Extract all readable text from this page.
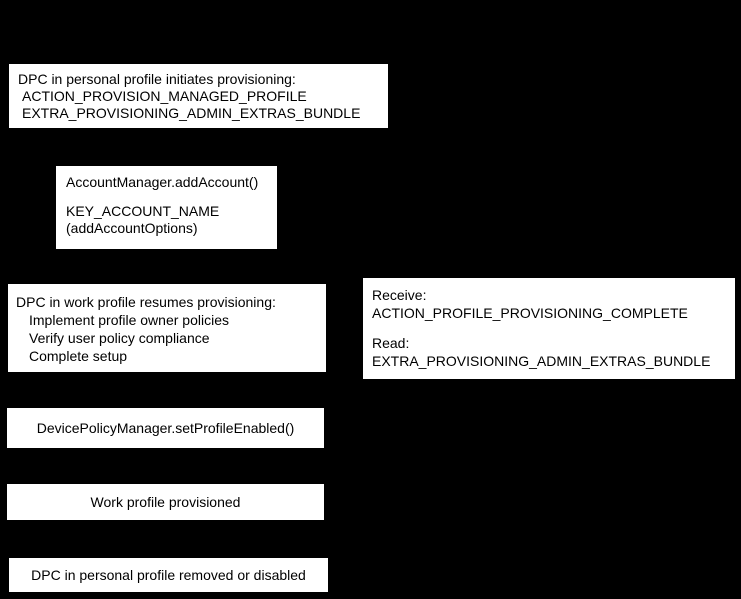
DPC in personal profile initiates provisioning:
ACTION_PROVISION_MANAGED_PROFILE
EXTRA_PROVISIONING_ADMIN_EXTRAS_BUNDLE
AccountManager.addAccount()
KEY_ACCOUNT_NAME
(addAccountOptions)
DPC in work profile resumes provisioning:
Implement profile owner policies
Verify user policy compliance
Complete setup
Receive:
ACTION_PROFILE_PROVISIONING_COMPLETE
Read:
EXTRA_PROVISIONING_ADMIN_EXTRAS_BUNDLE
DevicePolicyManager.setProfileEnabled()
Work profile provisioned
DPC in personal profile removed or disabled
